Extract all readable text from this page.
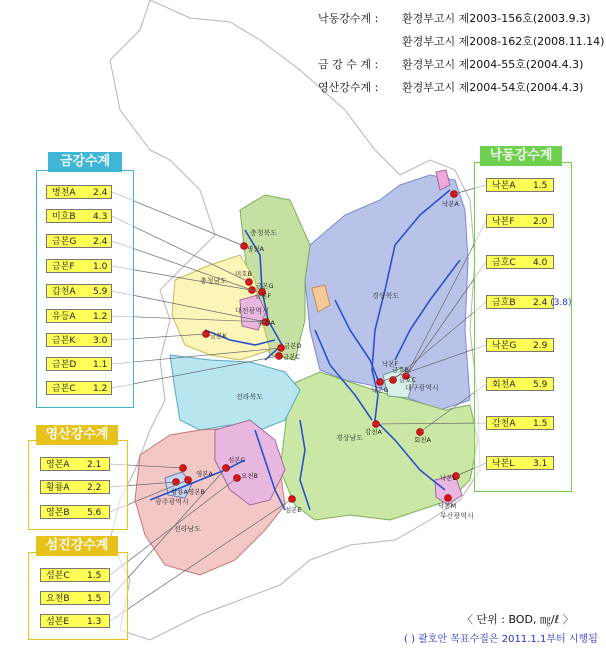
경상북도
경상남도
충청북도
충청남도
대전광역시
전라북도
전라남도
대구광역시
부산광역시
광주광역시
병천A
미호B
금본G
금본F
유등A
금본K
금본D
금본C
낙본A
낙본G
금호B
낙본F
감천A
회천A
영본A
황룡A 영본B
섬본C
요천B
섬본E
낙본L
낙본M
금호C
낙동강수계 :	환경부고시 제2003-156호(2003.9.3)
환경부고시 제2008-162호(2008.11.14)
금 강 수 계 :	환경부고시 제2004-55호(2004.4.3)
영산강수계 :	환경부고시 제2004-54호(2004.4.3)
금강수계
병천A 2.4
미호B 4.3
금본G 2.4
금본F 1.0
갑천A 5.9
유등A 1.2
금본K 3.0
금본D 1.1
금본C 1.2
낙동강수계
낙본A 1.5
낙본F 2.0
금호C 4.0
금호B 2.4 (3.8)
낙본G 2.9
회천A 5.9
감천A 1.5
낙본L 3.1
영산강수계
영본A 2.1
황룡A 2.2
영본B 5.6
섬진강수계
섬본C 1.5
요천B 1.5
섬본E 1.3	〈 단위 : BOD, ㎎/ℓ 〉
( ) 괄호안 목표수질은 2011.1.1부터 시행됨
